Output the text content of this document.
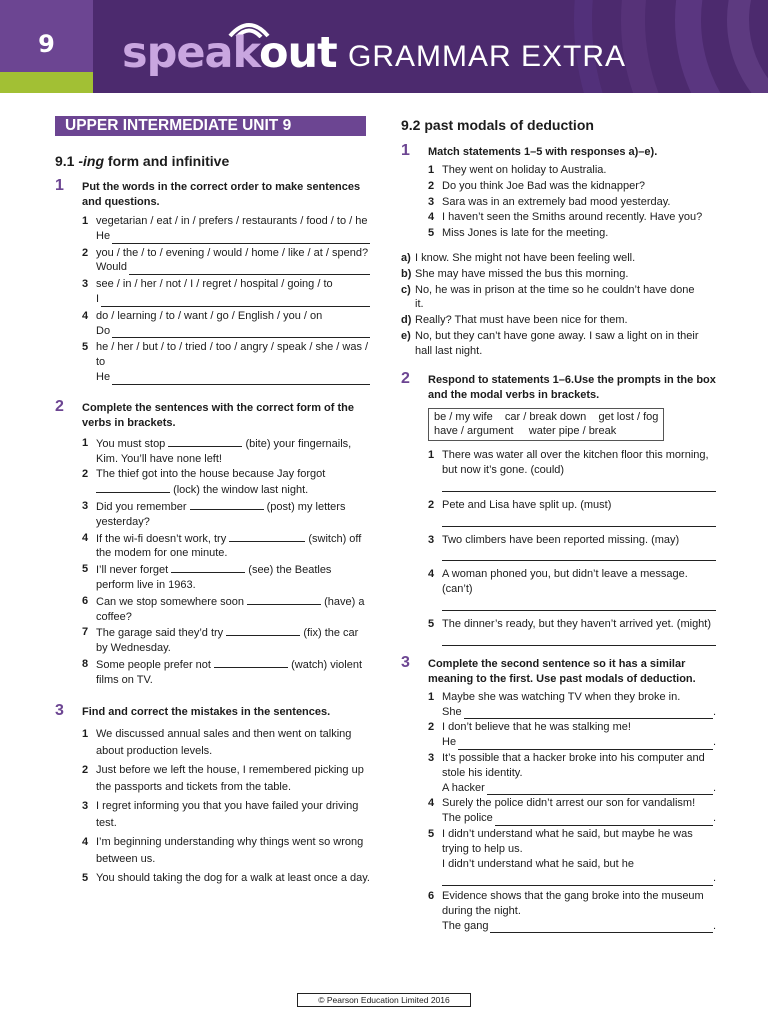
9	speakout GRAMMAR EXTRA
UPPER INTERMEDIATE UNIT 9
9.1 -ing form and infinitive
1 Put the words in the correct order to make sentences and questions.
1 vegetarian / eat / in / prefers / restaurants / food / to / he
He
2 you / the / to / evening / would / home / like / at / spend?
Would
3 see / in / her / not / I / regret / hospital / going / to
I
4 do / learning / to / want / go / English / you / on
Do
5 he / her / but / to / tried / too / angry / speak / she / was / to
He
2 Complete the sentences with the correct form of the verbs in brackets.
1 You must stop	(bite) your fingernails, Kim. You’ll have none left!
2 The thief got into the house because Jay forgot  (lock) the window last night.
3 Did you remember	(post) my letters yesterday?
4 If the wi-fi doesn’t work, try	(switch) off the modem for one minute.
5 I’ll never forget	(see) the Beatles perform live in 1963.
6 Can we stop somewhere soon	(have) a coffee?
7 The garage said they’d try	(fix) the car by Wednesday.
8 Some people prefer not	(watch) violent films on TV.
3 Find and correct the mistakes in the sentences.
1 We discussed annual sales and then went on talking about production levels.
2 Just before we left the house, I remembered picking up the passports and tickets from the table.
3 I regret informing you that you have failed your driving test.
4 I’m beginning understanding why things went so wrong between us.
5 You should taking the dog for a walk at least once a day.
9.2 past modals of deduction
1 Match statements 1–5 with responses a)–e).
1 They went on holiday to Australia.
2 Do you think Joe Bad was the kidnapper?
3 Sara was in an extremely bad mood yesterday.
4 I haven’t seen the Smiths around recently. Have you?
5 Miss Jones is late for the meeting.
a) I know. She might not have been feeling well.
b) She may have missed the bus this morning.
c) No, he was in prison at the time so he couldn’t have done it.
d) Really? That must have been nice for them.
e) No, but they can’t have gone away. I saw a light on in their hall last night.
2 Respond to statements 1–6.Use the prompts in the box and the modal verbs in brackets.
be / my wife    car / break down    get lost / fog
have / argument     water pipe / break
1 There was water all over the kitchen floor this morning, but now it’s gone. (could)
2 Pete and Lisa have split up. (must)
3 Two climbers have been reported missing. (may)
4 A woman phoned you, but didn’t leave a message. (can’t)
5 The dinner’s ready, but they haven’t arrived yet. (might)
3 Complete the second sentence so it has a similar meaning to the first. Use past modals of deduction.
1 Maybe she was watching TV when they broke in.
She	.
2 I don’t believe that he was stalking me!
He	.
3 It’s possible that a hacker broke into his computer and stole his identity.
A hacker	.
4 Surely the police didn’t arrest our son for vandalism!
The police	.
5 I didn’t understand what he said, but maybe he was trying to help us.
I didn’t understand what he said, but he
.
6 Evidence shows that the gang broke into the museum during the night.
The gang	.
© Pearson Education Limited 2016
